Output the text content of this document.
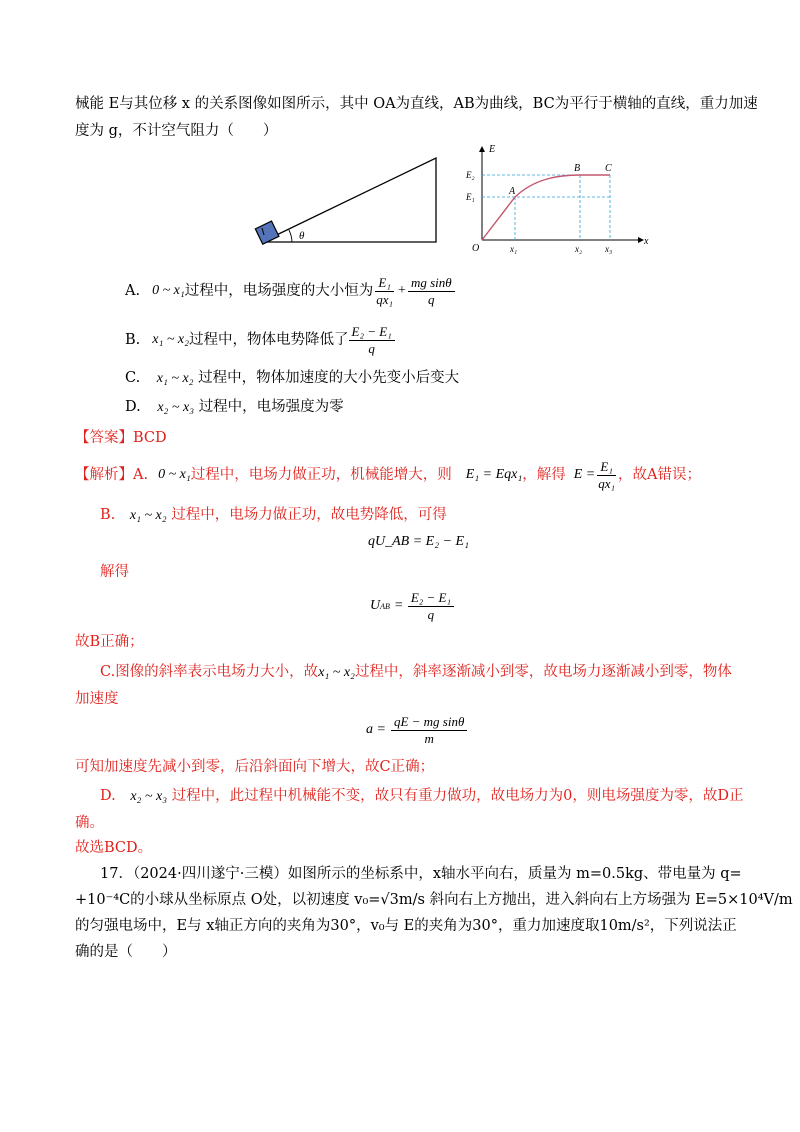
械能 E与其位移 x 的关系图像如图所示，其中 OA为直线，AB为曲线，BC为平行于横轴的直线，重力加速
度为 g，不计空气阻力（　　）
θ
E
x
O
A
B C
E₁
E₂
x₁	x₂	x₃
A. 0 ~ x₁ 过程中，电场强度的大小恒为 $\frac{\text{E₁}}{\text{qx₁}} + \frac{\text{mg sinθ}}{q}$
B. x₁ ~ x₂ 过程中，物体电势降低了 $\frac{\text{E₂ − E₁}}{q}$
C. x₁ ~ x₂ 过程中，物体加速度的大小先变小后变大
D. x₂ ~ x₃ 过程中，电场强度为零
【答案】BCD
【解析】 A. 0 ~ x₁ 过程中，电场力做正功，机械能增大，则 E₁ = Eqx₁ ，解得 $E = \frac{\text{E₁}}{\text{qx₁}}$ ，故A错误；
B. x₁ ~ x₂ 过程中，电场力做正功，故电势降低，可得
qU_AB = E₂ − E₁
解得
U AB = $\frac{\text{E₂ − E₁}}{q}$
故B正确；
C.图像的斜率表示电场力大小，故x₁ ~ x₂过程中，斜率逐渐减小到零，故电场力逐渐减小到零，物体
加速度
$a = \frac{\text{qE − mg sinθ}}{m}$
可知加速度先减小到零，后沿斜面向下增大，故C正确；
D. x₂ ~ x₃ 过程中，此过程中机械能不变，故只有重力做功，故电场力为0，则电场强度为零，故D正
确。
故选BCD。
17．（2024·四川遂宁·三模）如图所示的坐标系中，x轴水平向右，质量为 m=0.5kg、带电量为 q=
+10⁻⁴C的小球从坐标原点 O处，以初速度 v₀=√3m/s 斜向右上方抛出，进入斜向右上方场强为 E=5×10⁴V/m
的匀强电场中，E与 x轴正方向的夹角为30°，v₀与 E的夹角为30°，重力加速度取10m/s²，下列说法正
确的是（　　）
